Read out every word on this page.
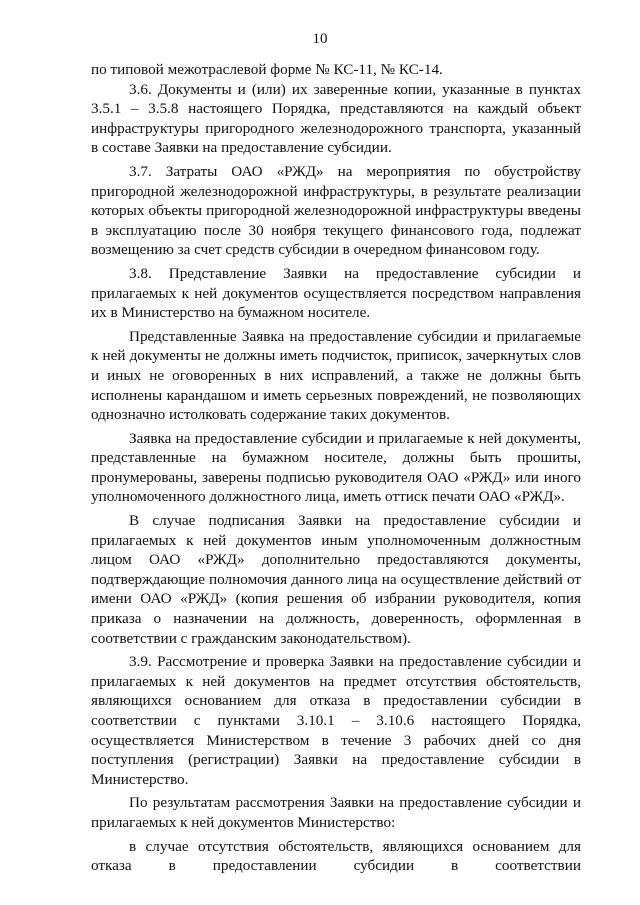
10

по типовой межотраслевой форме № КС-11, № КС-14.

3.6. Документы и (или) их заверенные копии, указанные в пунктах 3.5.1 – 3.5.8 настоящего Порядка, представляются на каждый объект инфраструктуры пригородного железнодорожного транспорта, указанный в составе Заявки на предоставление субсидии.

3.7. Затраты ОАО «РЖД» на мероприятия по обустройству пригородной железнодорожной инфраструктуры, в результате реализации которых объекты пригородной железнодорожной инфраструктуры введены в эксплуатацию после 30 ноября текущего финансового года, подлежат возмещению за счет средств субсидии в очередном финансовом году.

3.8. Представление Заявки на предоставление субсидии и прилагаемых к ней документов осуществляется посредством направления их в Министерство на бумажном носителе.

Представленные Заявка на предоставление субсидии и прилагаемые к ней документы не должны иметь подчисток, приписок, зачеркнутых слов и иных не оговоренных в них исправлений, а также не должны быть исполнены карандашом и иметь серьезных повреждений, не позволяющих однозначно истолковать содержание таких документов.

Заявка на предоставление субсидии и прилагаемые к ней документы, представленные на бумажном носителе, должны быть прошиты, пронумерованы, заверены подписью руководителя ОАО «РЖД» или иного уполномоченного должностного лица, иметь оттиск печати ОАО «РЖД».

В случае подписания Заявки на предоставление субсидии и прилагаемых к ней документов иным уполномоченным должностным лицом ОАО «РЖД» дополнительно предоставляются документы, подтверждающие полномочия данного лица на осуществление действий от имени ОАО «РЖД» (копия решения об избрании руководителя, копия приказа о назначении на должность, доверенность, оформленная в соответствии с гражданским законодательством).

3.9. Рассмотрение и проверка Заявки на предоставление субсидии и прилагаемых к ней документов на предмет отсутствия обстоятельств, являющихся основанием для отказа в предоставлении субсидии в соответствии с пунктами 3.10.1 – 3.10.6 настоящего Порядка, осуществляется Министерством в течение 3 рабочих дней со дня поступления (регистрации) Заявки на предоставление субсидии в Министерство.

По результатам рассмотрения Заявки на предоставление субсидии и прилагаемых к ней документов Министерство:

в случае отсутствия обстоятельств, являющихся основанием для отказа в предоставлении субсидии в соответствии
